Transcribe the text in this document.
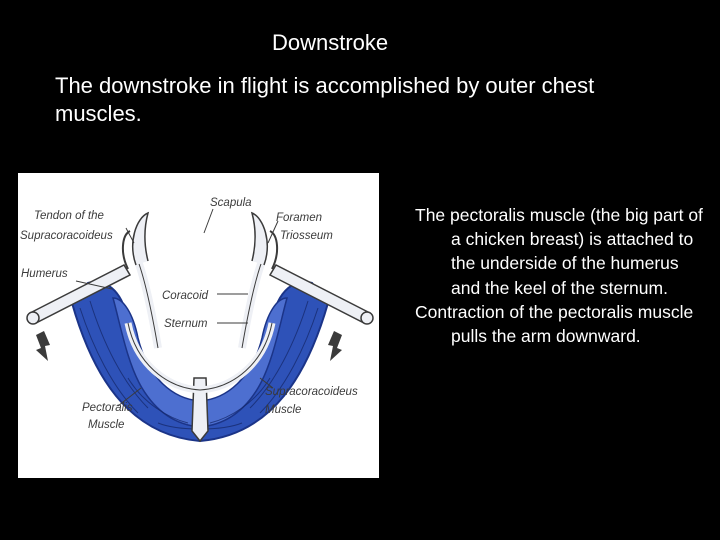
Downstroke
The downstroke in flight is accomplished by outer chest muscles.
Tendon of the
Supracoracoideus
Scapula
Foramen
Triosseum
Humerus
Coracoid
Sternum
Pectoralis
Muscle
Supracoracoideus
Muscle

The pectoralis muscle (the big part of a chicken breast) is attached to the underside of the humerus and the keel of the sternum.

Contraction of the pectoralis muscle pulls the arm downward.
